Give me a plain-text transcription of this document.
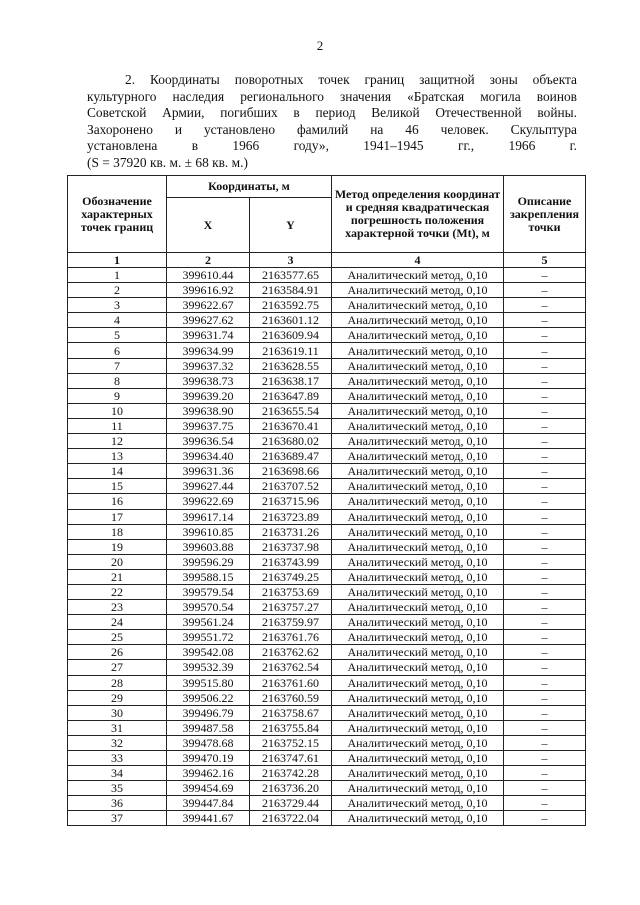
2

2. Координаты поворотных точек границ защитной зоны объекта

культурного наследия регионального значения «Братская могила воинов

Советской Армии, погибших в период Великой Отечественной войны.

Захоронено и установлено фамилий на 46 человек. Скульптура

установлена в 1966 году», 1941–1945 гг., 1966 г.

(S = 37920 кв. м. ± 68 кв. м.)

Обозначение характерных точек границ	Координаты, м		Метод определения координат и средняя квадратическая погрешность положения характерной точки (Mt), м	Описание закрепления точки
	X	Y		
1	2	3	4	5
1	399610.44	2163577.65	Аналитический метод, 0,10	–
2	399616.92	2163584.91	Аналитический метод, 0,10	–
3	399622.67	2163592.75	Аналитический метод, 0,10	–
4	399627.62	2163601.12	Аналитический метод, 0,10	–
5	399631.74	2163609.94	Аналитический метод, 0,10	–
6	399634.99	2163619.11	Аналитический метод, 0,10	–
7	399637.32	2163628.55	Аналитический метод, 0,10	–
8	399638.73	2163638.17	Аналитический метод, 0,10	–
9	399639.20	2163647.89	Аналитический метод, 0,10	–
10	399638.90	2163655.54	Аналитический метод, 0,10	–
11	399637.75	2163670.41	Аналитический метод, 0,10	–
12	399636.54	2163680.02	Аналитический метод, 0,10	–
13	399634.40	2163689.47	Аналитический метод, 0,10	–
14	399631.36	2163698.66	Аналитический метод, 0,10	–
15	399627.44	2163707.52	Аналитический метод, 0,10	–
16	399622.69	2163715.96	Аналитический метод, 0,10	–
17	399617.14	2163723.89	Аналитический метод, 0,10	–
18	399610.85	2163731.26	Аналитический метод, 0,10	–
19	399603.88	2163737.98	Аналитический метод, 0,10	–
20	399596.29	2163743.99	Аналитический метод, 0,10	–
21	399588.15	2163749.25	Аналитический метод, 0,10	–
22	399579.54	2163753.69	Аналитический метод, 0,10	–
23	399570.54	2163757.27	Аналитический метод, 0,10	–
24	399561.24	2163759.97	Аналитический метод, 0,10	–
25	399551.72	2163761.76	Аналитический метод, 0,10	–
26	399542.08	2163762.62	Аналитический метод, 0,10	–
27	399532.39	2163762.54	Аналитический метод, 0,10	–
28	399515.80	2163761.60	Аналитический метод, 0,10	–
29	399506.22	2163760.59	Аналитический метод, 0,10	–
30	399496.79	2163758.67	Аналитический метод, 0,10	–
31	399487.58	2163755.84	Аналитический метод, 0,10	–
32	399478.68	2163752.15	Аналитический метод, 0,10	–
33	399470.19	2163747.61	Аналитический метод, 0,10	–
34	399462.16	2163742.28	Аналитический метод, 0,10	–
35	399454.69	2163736.20	Аналитический метод, 0,10	–
36	399447.84	2163729.44	Аналитический метод, 0,10	–
37	399441.67	2163722.04	Аналитический метод, 0,10	–
